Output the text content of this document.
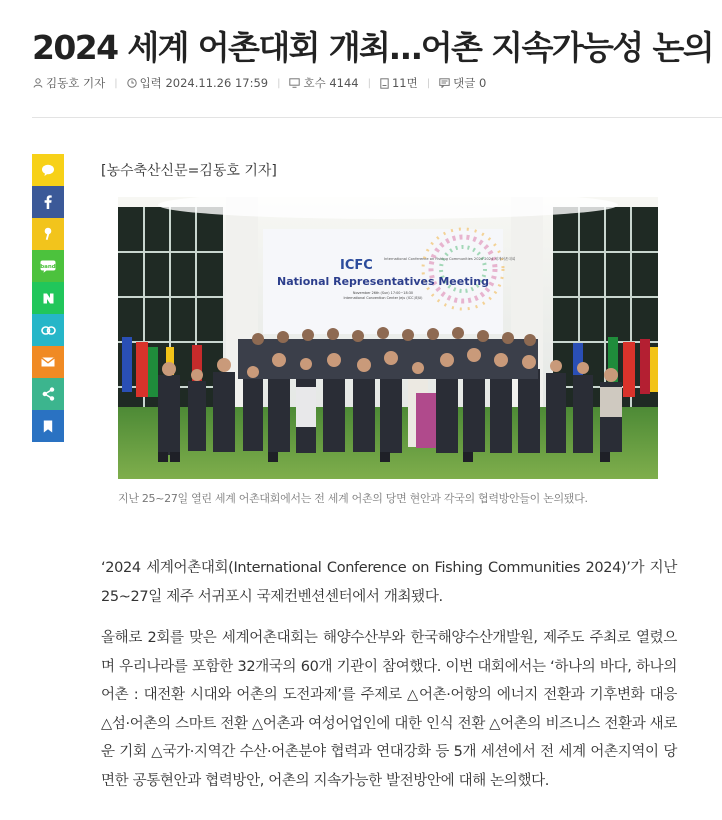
2024 세계 어촌대회 개최…어촌 지속가능성 논의
김동호 기자 | 입력 2024.11.26 17:59 | 호수 4144 | 11면 | 댓글 0
band
[농수축산신문=김동호 기자]
ICFC	International Conference on Fishing Communities 2024 2024 세계어촌대회
National Representatives Meeting
November 26th (Sun) 17:00~18:30
International Convention Center Jeju (ICC JEJU)
지난 25~27일 열린 세계 어촌대회에서는 전 세계 어촌의 당면 현안과 각국의 협력방안들이 논의됐다.

‘2024 세계어촌대회(International Conference on Fishing Communities 2024)’가 지난 25~27일 제주 서귀포시 국제컨벤션센터에서 개최됐다.

올해로 2회를 맞은 세계어촌대회는 해양수산부와 한국해양수산개발원, 제주도 주최로 열렸으며 우리나라를 포함한 32개국의 60개 기관이 참여했다. 이번 대회에서는 ‘하나의 바다, 하나의 어촌 : 대전환 시대와 어촌의 도전과제’를 주제로 △어촌·어항의 에너지 전환과 기후변화 대응 △섬·어촌의 스마트 전환 △어촌과 여성어업인에 대한 인식 전환 △어촌의 비즈니스 전환과 새로운 기회 △국가·지역간 수산·어촌분야 협력과 연대강화 등 5개 세션에서 전 세계 어촌지역이 당면한 공통현안과 협력방안, 어촌의 지속가능한 발전방안에 대해 논의했다.
